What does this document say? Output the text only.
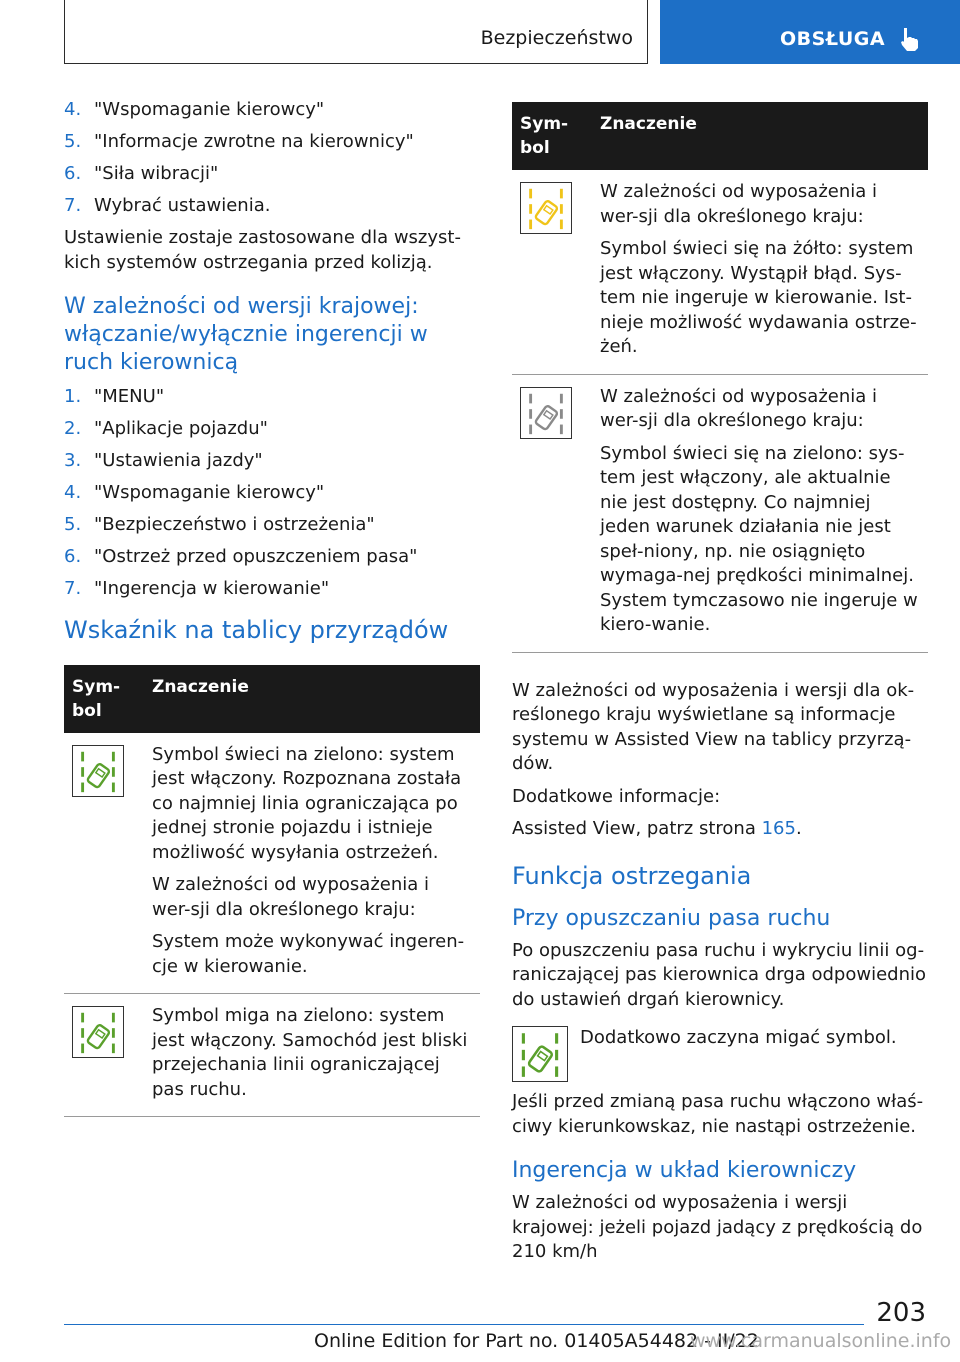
Bezpieczeństwo	OBSŁUGA
4. "Wspomaganie kierowcy"
5. "Informacje zwrotne na kierownicy"
6. "Siła wibracji"
7. Wybrać ustawienia.

Ustawienie zostaje zastosowane dla wszyst-kich systemów ostrzegania przed kolizją.

W zależności od wersji krajowej: włączanie/wyłącznie ingerencji w ruch kierownicą
1. "MENU"
2. "Aplikacje pojazdu"
3. "Ustawienia jazdy"
4. "Wspomaganie kierowcy"
5. "Bezpieczeństwo i ostrzeżenia"
6. "Ostrzeż przed opuszczeniem pasa"
7. "Ingerencja w kierowanie"
Wskaźnik na tablicy przyrządów
Sym-bol	Znaczenie

Symbol świeci na zielono: system jest włączony. Rozpoznana została co najmniej linia ograniczająca po jednej stronie pojazdu i istnieje możliwość wysyłania ostrzeżeń.

W zależności od wyposażenia i wer-sji dla określonego kraju:

System może wykonywać ingeren-cje w kierowanie.

Symbol miga na zielono: system jest włączony. Samochód jest bliski przejechania linii ograniczającej pas ruchu.

Sym-bol	Znaczenie

W zależności od wyposażenia i wer-sji dla określonego kraju:

Symbol świeci się na żółto: system jest włączony. Wystąpił błąd. Sys-tem nie ingeruje w kierowanie. Ist-nieje możliwość wydawania ostrze-żeń.

W zależności od wyposażenia i wer-sji dla określonego kraju:

Symbol świeci się na zielono: sys-tem jest włączony, ale aktualnie nie jest dostępny. Co najmniej jeden warunek działania nie jest speł-niony, np. nie osiągnięto wymaga-nej prędkości minimalnej. System tymczasowo nie ingeruje w kiero-wanie.

W zależności od wyposażenia i wersji dla ok-reślonego kraju wyświetlane są informacje systemu w Assisted View na tablicy przyrzą-dów.

Dodatkowe informacje:

Assisted View, patrz strona 165.

Funkcja ostrzegania
Przy opuszczaniu pasa ruchu

Po opuszczeniu pasa ruchu i wykryciu linii og-raniczającej pas kierownica drga odpowiednio do ustawień drgań kierownicy.

Dodatkowo zaczyna migać symbol.

Jeśli przed zmianą pasa ruchu włączono właś-ciwy kierunkowskaz, nie nastąpi ostrzeżenie.

Ingerencja w układ kierowniczy

W zależności od wyposażenia i wersji krajowej: jeżeli pojazd jadący z prędkością do 210 km/h

203
Online Edition for Part no. 01405A54482 - II/22
www.carmanualsonline.info
